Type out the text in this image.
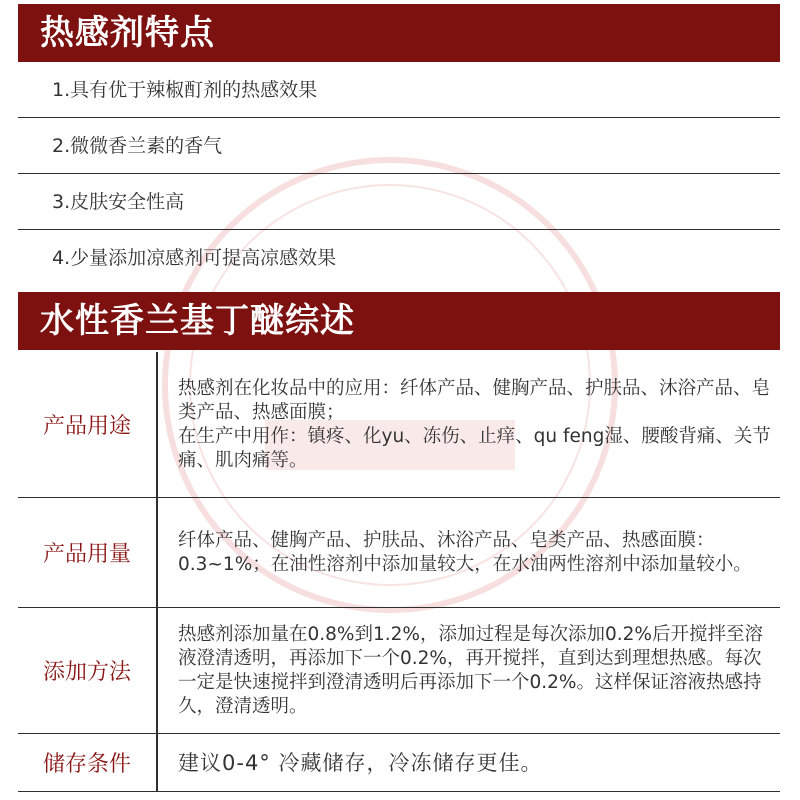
热感剂特点
1.具有优于辣椒酊剂的热感效果
2.微微香兰素的香气
3.皮肤安全性高
4.少量添加凉感剂可提高凉感效果
水性香兰基丁醚综述
产品用途

热感剂在化妆品中的应用：纤体产品、健胸产品、护肤品、沐浴产品、皂类产品、热感面膜；

在生产中用作：镇疼、化yu、冻伤、止痒、qu feng湿、腰酸背痛、关节痛、肌肉痛等。

产品用量

纤体产品、健胸产品、护肤品、沐浴产品、皂类产品、热感面膜：0.3~1%；在油性溶剂中添加量较大，在水油两性溶剂中添加量较小。

添加方法

热感剂添加量在0.8%到1.2%，添加过程是每次添加0.2%后开搅拌至溶液澄清透明，再添加下一个0.2%，再开搅拌，直到达到理想热感。每次一定是快速搅拌到澄清透明后再添加下一个0.2%。这样保证溶液热感持久，澄清透明。

储存条件	建议0-4° 冷藏储存，冷冻储存更佳。
